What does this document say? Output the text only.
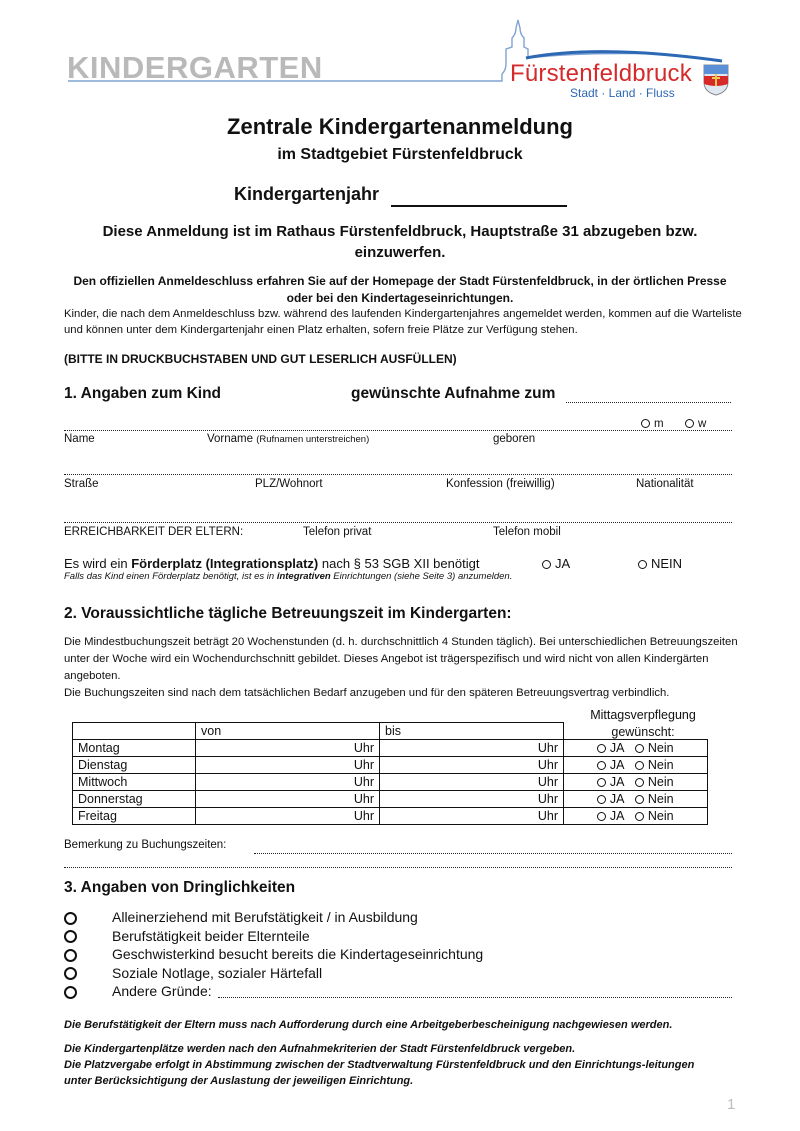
KINDERGARTEN	Fürstenfeldbruck
Stadt · Land · Fluss
Zentrale Kindergartenanmeldung
im Stadtgebiet Fürstenfeldbruck
Kindergartenjahr
Diese Anmeldung ist im Rathaus Fürstenfeldbruck, Hauptstraße 31 abzugeben bzw. einzuwerfen.
Den offiziellen Anmeldeschluss erfahren Sie auf der Homepage der Stadt Fürstenfeldbruck, in der örtlichen Presse oder bei den Kindertageseinrichtungen.
Kinder, die nach dem Anmeldeschluss bzw. während des laufenden Kindergartenjahres angemeldet werden, kommen auf die Warteliste und können unter dem Kindergartenjahr einen Platz erhalten, sofern freie Plätze zur Verfügung stehen.
(BITTE IN DRUCKBUCHSTABEN UND GUT LESERLICH AUSFÜLLEN)
1. Angaben zum Kind	gewünschte Aufnahme zum
m	w
Name	Vorname (Rufnamen unterstreichen)	geboren
Straße	PLZ/Wohnort	Konfession (freiwillig)	Nationalität
ERREICHBARKEIT DER ELTERN:	Telefon privat	Telefon mobil
Es wird ein Förderplatz (Integrationsplatz) nach § 53 SGB XII benötigt	JA	NEIN
Falls das Kind einen Förderplatz benötigt, ist es in integrativen Einrichtungen (siehe Seite 3) anzumelden.
2. Voraussichtliche tägliche Betreuungszeit im Kindergarten:
Die Mindestbuchungszeit beträgt 20 Wochenstunden (d. h. durchschnittlich 4 Stunden täglich). Bei unterschiedlichen Betreuungszeiten unter der Woche wird ein Wochendurchschnitt gebildet. Dieses Angebot ist trägerspezifisch und wird nicht von allen Kindergärten angeboten.
Die Buchungszeiten sind nach dem tatsächlichen Bedarf anzugeben und für den späteren Betreuungsvertrag verbindlich.
Mittagsverpflegung
gewünscht:
	von	bis	
Montag	Uhr	Uhr	JA Nein
Dienstag	Uhr	Uhr	JA Nein
Mittwoch	Uhr	Uhr	JA Nein
Donnerstag	Uhr	Uhr	JA Nein
Freitag	Uhr	Uhr	JA Nein
Bemerkung zu Buchungszeiten:
3. Angaben von Dringlichkeiten
Alleinerziehend mit Berufstätigkeit / in Ausbildung
Berufstätigkeit beider Elternteile
Geschwisterkind besucht bereits die Kindertageseinrichtung
Soziale Notlage, sozialer Härtefall
Andere Gründe:
Die Berufstätigkeit der Eltern muss nach Aufforderung durch eine Arbeitgeberbescheinigung nachgewiesen werden.
Die Kindergartenplätze werden nach den Aufnahmekriterien der Stadt Fürstenfeldbruck vergeben.
Die Platzvergabe erfolgt in Abstimmung zwischen der Stadtverwaltung Fürstenfeldbruck und den Einrichtungs-leitungen unter Berücksichtigung der Auslastung der jeweiligen Einrichtung.
1
